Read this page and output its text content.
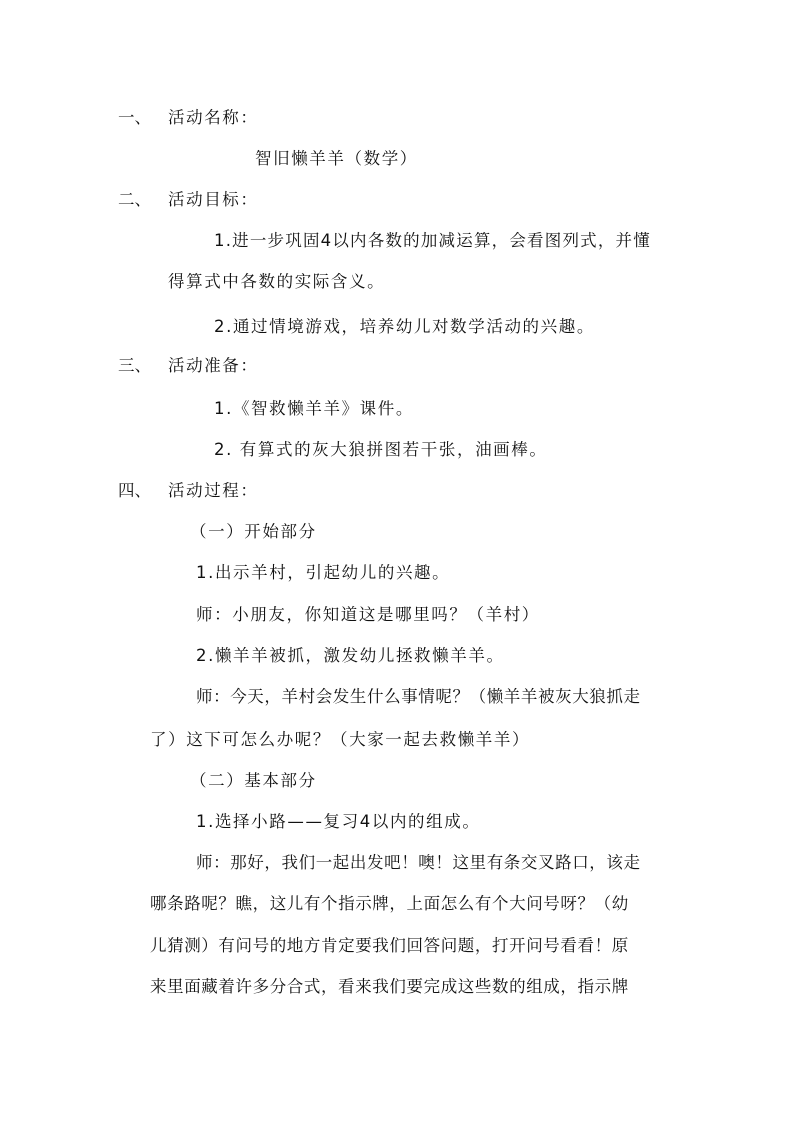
一、 活动名称：
智旧懒羊羊（数学）
二、 活动目标：
1.进一步巩固4以内各数的加减运算，会看图列式，并懂
得算式中各数的实际含义。
2.通过情境游戏，培养幼儿对数学活动的兴趣。
三、 活动准备：
1.《智救懒羊羊》课件。
2. 有算式的灰大狼拼图若干张，油画棒。
四、 活动过程：
（一）开始部分
1.出示羊村，引起幼儿的兴趣。
师：小朋友，你知道这是哪里吗？（羊村）
2.懒羊羊被抓，激发幼儿拯救懒羊羊。
师：今天，羊村会发生什么事情呢？（懒羊羊被灰大狼抓走
了）这下可怎么办呢？（大家一起去救懒羊羊）
（二）基本部分
1.选择小路——复习4以内的组成。
师：那好，我们一起出发吧！噢！这里有条交叉路口，该走
哪条路呢？瞧，这儿有个指示牌，上面怎么有个大问号呀？（幼
儿猜测）有问号的地方肯定要我们回答问题，打开问号看看！原
来里面藏着许多分合式，看来我们要完成这些数的组成，指示牌
